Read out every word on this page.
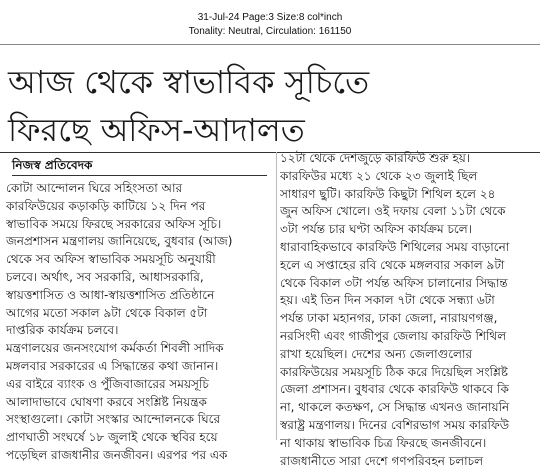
31-Jul-24 Page:3 Size:8 col*inch
Tonality: Neutral, Circulation: 161150
আজ থেকে স্বাভাবিক সূচিতে
ফিরছে অফিস-আদালত
নিজস্ব প্রতিবেদক
কোটা আন্দোলন ঘিরে সহিংসতা আর
কারফিউয়ের কড়াকড়ি কাটিয়ে ১২ দিন পর
স্বাভাবিক সময়ে ফিরছে সরকারের অফিস সূচি।
জনপ্রশাসন মন্ত্রণালয় জানিয়েছে, বুধবার (আজ)
থেকে সব অফিস স্বাভাবিক সময়সূচি অনুযায়ী
চলবে। অর্থাৎ, সব সরকারি, আধাসরকারি,
স্বায়ত্তশাসিত ও আধা-স্বায়ত্তশাসিত প্রতিষ্ঠানে
আগের মতো সকাল ৯টা থেকে বিকাল ৫টা
দাপ্তরিক কার্যক্রম চলবে।
মন্ত্রণালয়ের জনসংযোগ কর্মকর্তা শিবলী সাদিক
মঙ্গলবার সরকারের এ সিদ্ধান্তের কথা জানান।
এর বাইরে ব্যাংক ও পুঁজিবাজারের সময়সূচি
আলাদাভাবে ঘোষণা করবে সংশ্লিষ্ট নিয়ন্ত্রক
সংস্থাগুলো। কোটা সংস্কার আন্দোলনকে ঘিরে
প্রাণঘাতী সংঘর্ষে ১৮ জুলাই থেকে স্থবির হয়ে
পড়েছিল রাজধানীর জনজীবন। এরপর পর এক
১২টা থেকে দেশজুড়ে কারফিউ শুরু হয়।
কারফিউর মধ্যে ২১ থেকে ২৩ জুলাই ছিল
সাধারণ ছুটি। কারফিউ কিছুটা শিথিল হলে ২৪
জুন অফিস খোলে। ওই দফায় বেলা ১১টা থেকে
৩টা পর্যন্ত চার ঘণ্টা অফিস কার্যক্রম চলে।
ধারাবাহিকভাবে কারফিউ শিথিলের সময় বাড়ানো
হলে এ সপ্তাহের রবি থেকে মঙ্গলবার সকাল ৯টা
থেকে বিকাল ৩টা পর্যন্ত অফিস চালানোর সিদ্ধান্ত
হয়। এই তিন দিন সকাল ৭টা থেকে সন্ধ্যা ৬টা
পর্যন্ত ঢাকা মহানগর, ঢাকা জেলা, নারায়ণগঞ্জ,
নরসিংদী এবং গাজীপুর জেলায় কারফিউ শিথিল
রাখা হয়েছিল। দেশের অন্য জেলাগুলোর
কারফিউয়ের সময়সূচি ঠিক করে দিয়েছিল সংশ্লিষ্ট
জেলা প্রশাসন। বুধবার থেকে কারফিউ থাকবে কি
না, থাকলে কতক্ষণ, সে সিদ্ধান্ত এখনও জানায়নি
স্বরাষ্ট্র মন্ত্রণালয়। দিনের বেশিরভাগ সময় কারফিউ
না থাকায় স্বাভাবিক চিত্র ফিরছে জনজীবনে।
রাজধানীতে সারা দেশে গণপরিবহন চলাচল
